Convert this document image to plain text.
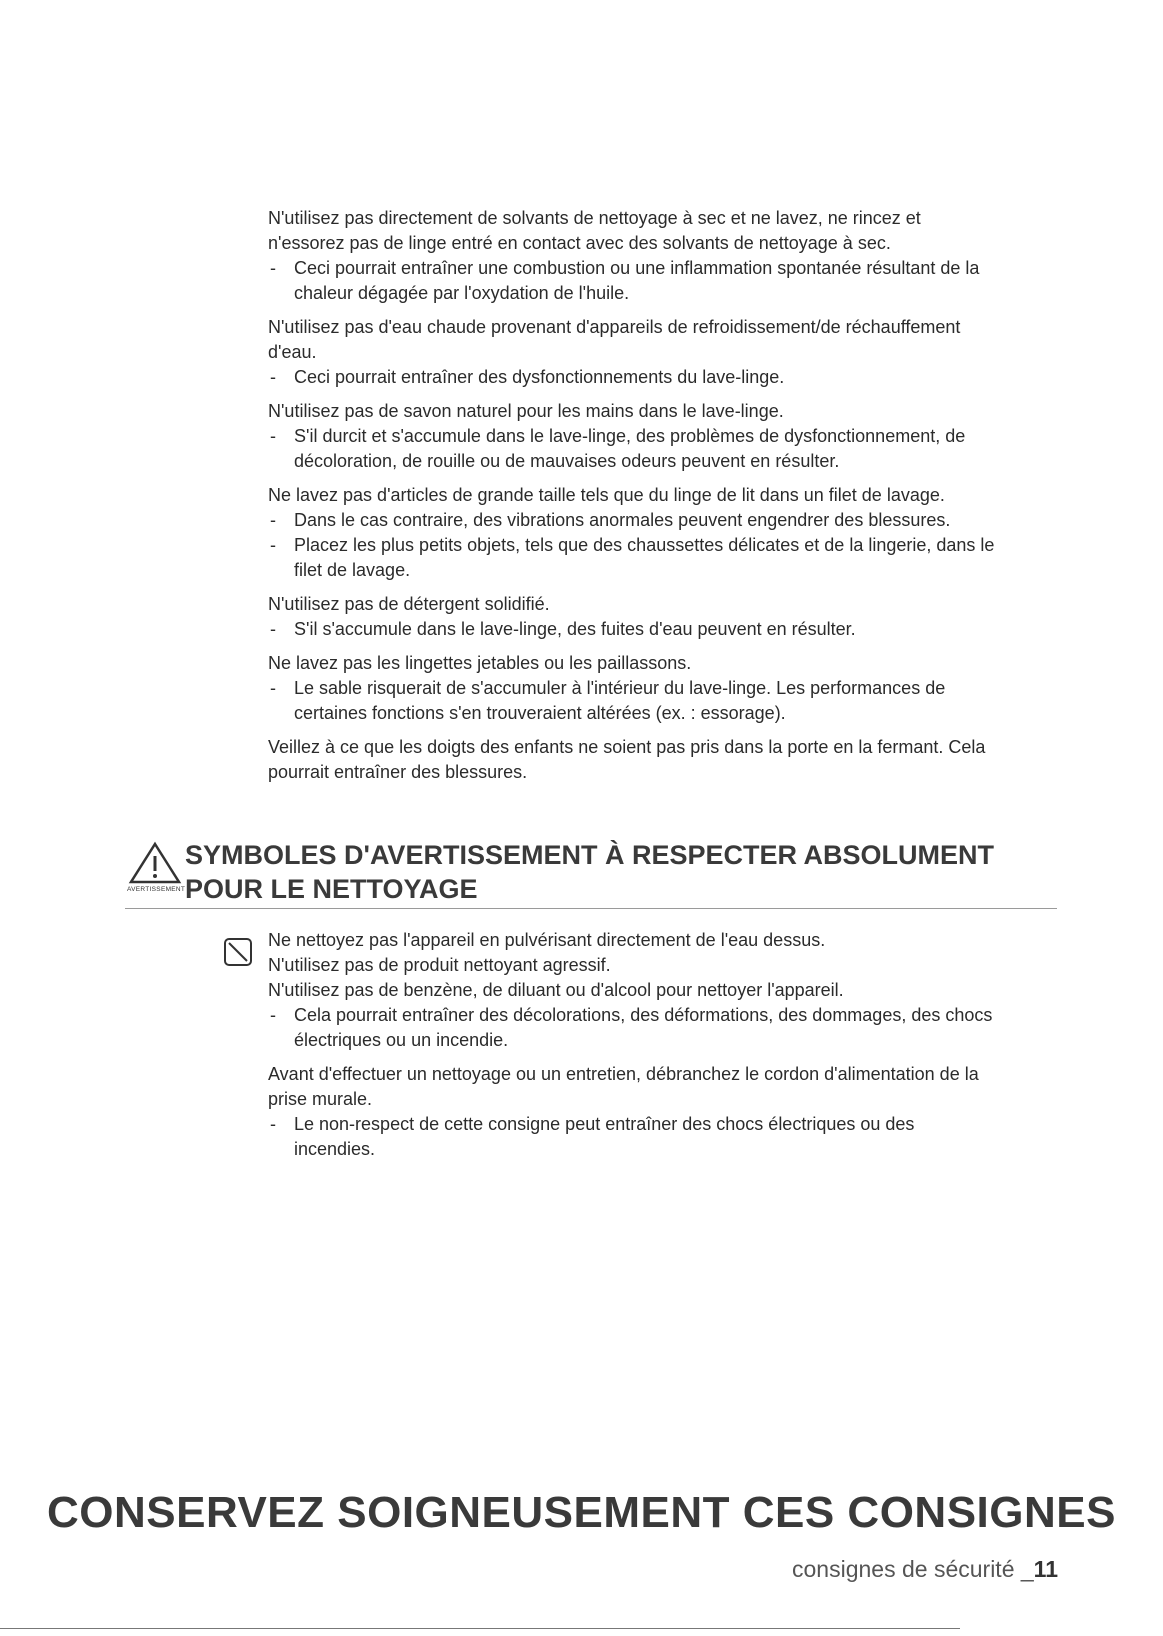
N'utilisez pas directement de solvants de nettoyage à sec et ne lavez, ne rincez et
n'essorez pas de linge entré en contact avec des solvants de nettoyage à sec.
- Ceci pourrait entraîner une combustion ou une inflammation spontanée résultant de la
chaleur dégagée par l'oxydation de l'huile.
N'utilisez pas d'eau chaude provenant d'appareils de refroidissement/de réchauffement
d'eau.
- Ceci pourrait entraîner des dysfonctionnements du lave-linge.
N'utilisez pas de savon naturel pour les mains dans le lave-linge.
- S'il durcit et s'accumule dans le lave-linge, des problèmes de dysfonctionnement, de
décoloration, de rouille ou de mauvaises odeurs peuvent en résulter.
Ne lavez pas d'articles de grande taille tels que du linge de lit dans un filet de lavage.
- Dans le cas contraire, des vibrations anormales peuvent engendrer des blessures.
- Placez les plus petits objets, tels que des chaussettes délicates et de la lingerie, dans le
filet de lavage.
N'utilisez pas de détergent solidifié.
- S'il s'accumule dans le lave-linge, des fuites d'eau peuvent en résulter.
Ne lavez pas les lingettes jetables ou les paillassons.
- Le sable risquerait de s'accumuler à l'intérieur du lave-linge. Les performances de
certaines fonctions s'en trouveraient altérées (ex. : essorage).
Veillez à ce que les doigts des enfants ne soient pas pris dans la porte en la fermant. Cela
pourrait entraîner des blessures.
AVERTISSEMENT
SYMBOLES D'AVERTISSEMENT À RESPECTER ABSOLUMENT
POUR LE NETTOYAGE
Ne nettoyez pas l'appareil en pulvérisant directement de l'eau dessus.
N'utilisez pas de produit nettoyant agressif.
N'utilisez pas de benzène, de diluant ou d'alcool pour nettoyer l'appareil.
- Cela pourrait entraîner des décolorations, des déformations, des dommages, des chocs
électriques ou un incendie.
Avant d'effectuer un nettoyage ou un entretien, débranchez le cordon d'alimentation de la
prise murale.
- Le non-respect de cette consigne peut entraîner des chocs électriques ou des
incendies.
CONSERVEZ SOIGNEUSEMENT CES CONSIGNES
consignes de sécurité _11
